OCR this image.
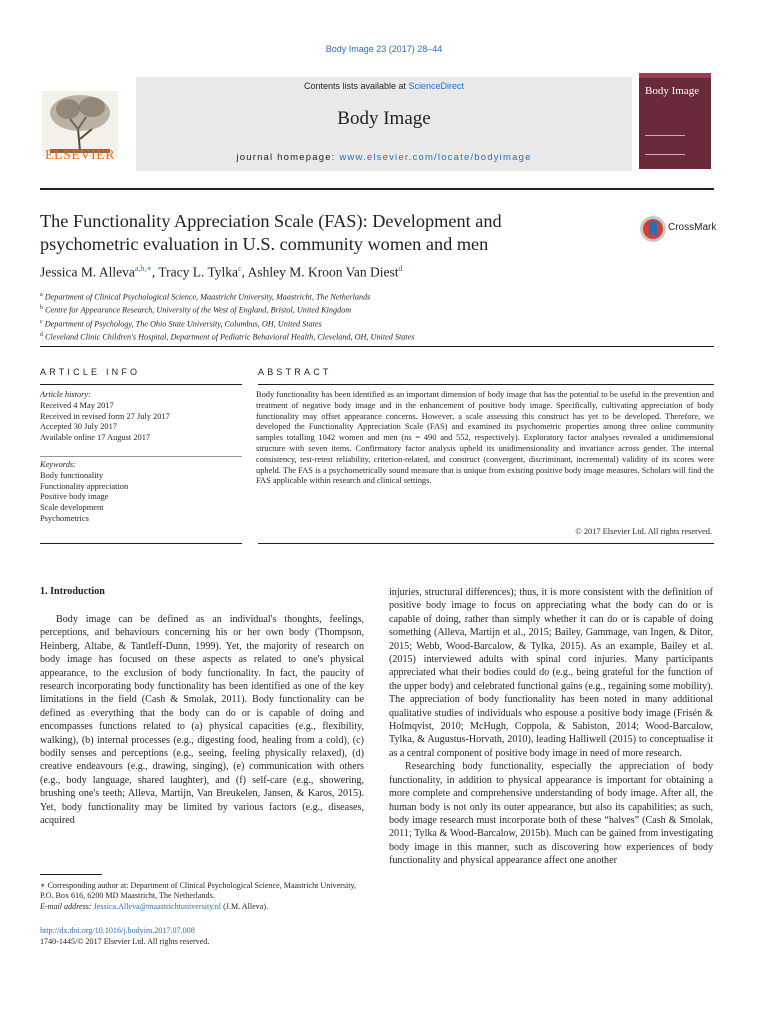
Body Image 23 (2017) 28–44
ELSEVIER
Contents lists available at ScienceDirect
Body Image
journal homepage: www.elsevier.com/locate/bodyimage
Body Image
The Functionality Appreciation Scale (FAS): Development and psychometric evaluation in U.S. community women and men
CrossMark
Jessica M. Alleva$^{a,b,∗}$, Tracy L. Tylka$^c$, Ashley M. Kroon Van Diest$^d$
$^a$ Department of Clinical Psychological Science, Maastricht University, Maastricht, The Netherlands
$^b$ Centre for Appearance Research, University of the West of England, Bristol, United Kingdom
$^c$ Department of Psychology, The Ohio State University, Columbus, OH, United States
$^d$ Cleveland Clinic Children's Hospital, Department of Pediatric Behavioral Health, Cleveland, OH, United States
ARTICLE INFO	ABSTRACT
Article history:
Received 4 May 2017
Received in revised form 27 July 2017
Accepted 30 July 2017
Available online 17 August 2017
Keywords:
Body functionality
Functionality appreciation
Positive body image
Scale development
Psychometrics
Body functionality has been identified as an important dimension of body image that has the potential to be useful in the prevention and treatment of negative body image and in the enhancement of positive body image. Specifically, cultivating appreciation of body functionality may offset appearance concerns. However, a scale assessing this construct has yet to be developed. Therefore, we developed the Functionality Appreciation Scale (FAS) and examined its psychometric properties among three online community samples totalling 1042 women and men (ns = 490 and 552, respectively). Exploratory factor analyses revealed a unidimensional structure with seven items. Confirmatory factor analysis upheld its unidimensionality and invariance across gender. The internal consistency, test-retest reliability, criterion-related, and construct (convergent, discriminant, incremental) validity of its scores were upheld. The FAS is a psychometrically sound measure that is unique from existing positive body image measures. Scholars will find the FAS applicable within research and clinical settings.
© 2017 Elsevier Ltd. All rights reserved.
1. Introduction

Body image can be defined as an individual's thoughts, feelings, perceptions, and behaviours concerning his or her own body (Thompson, Heinberg, Altabe, & Tantleff-Dunn, 1999). Yet, the majority of research on body image has focused on these aspects as related to one's physical appearance, to the exclusion of body functionality. In fact, the paucity of research incorporating body functionality has been identified as one of the key limitations in the field (Cash & Smolak, 2011). Body functionality can be defined as everything that the body can do or is capable of doing and encompasses functions related to (a) physical capacities (e.g., flexibility, walking), (b) internal processes (e.g., digesting food, healing from a cold), (c) bodily senses and perceptions (e.g., seeing, feeling physically relaxed), (d) creative endeavours (e.g., drawing, singing), (e) communication with others (e.g., body language, shared laughter), and (f) self-care (e.g., showering, brushing one's teeth; Alleva, Martijn, Van Breukelen, Jansen, & Karos, 2015). Yet, body functionality may be limited by various factors (e.g., diseases, acquired

injuries, structural differences); thus, it is more consistent with the definition of positive body image to focus on appreciating what the body can do or is capable of doing, rather than simply whether it can do or is capable of doing something (Alleva, Martijn et al., 2015; Bailey, Gammage, van Ingen, & Ditor, 2015; Webb, Wood-Barcalow, & Tylka, 2015). As an example, Bailey et al. (2015) interviewed adults with spinal cord injuries. Many participants appreciated what their bodies could do (e.g., being grateful for the function of the upper body) and celebrated functional gains (e.g., regaining some mobility). The appreciation of body functionality has been noted in many additional qualitative studies of individuals who espouse a positive body image (Frisén & Holmqvist, 2010; McHugh, Coppola, & Sabiston, 2014; Wood-Barcalow, Tylka, & Augustus-Horvath, 2010), leading Halliwell (2015) to conceptualise it as a central component of positive body image in need of more research.

Researching body functionality, especially the appreciation of body functionality, in addition to physical appearance is important for obtaining a more complete and comprehensive understanding of body image. After all, the human body is not only its outer appearance, but also its capabilities; as such, body image research must incorporate both of these “halves” (Cash & Smolak, 2011; Tylka & Wood-Barcalow, 2015b). Much can be gained from investigating body image in this manner, such as discovering how experiences of body functionality and physical appearance affect one another

∗ Corresponding author at: Department of Clinical Psychological Science, Maastricht University, P.O. Box 616, 6200 MD Maastricht, The Netherlands.
E-mail address: Jessica.Alleva@maastrichtuniversity.nl (J.M. Alleva).
http://dx.doi.org/10.1016/j.bodyim.2017.07.008
1740-1445/© 2017 Elsevier Ltd. All rights reserved.
